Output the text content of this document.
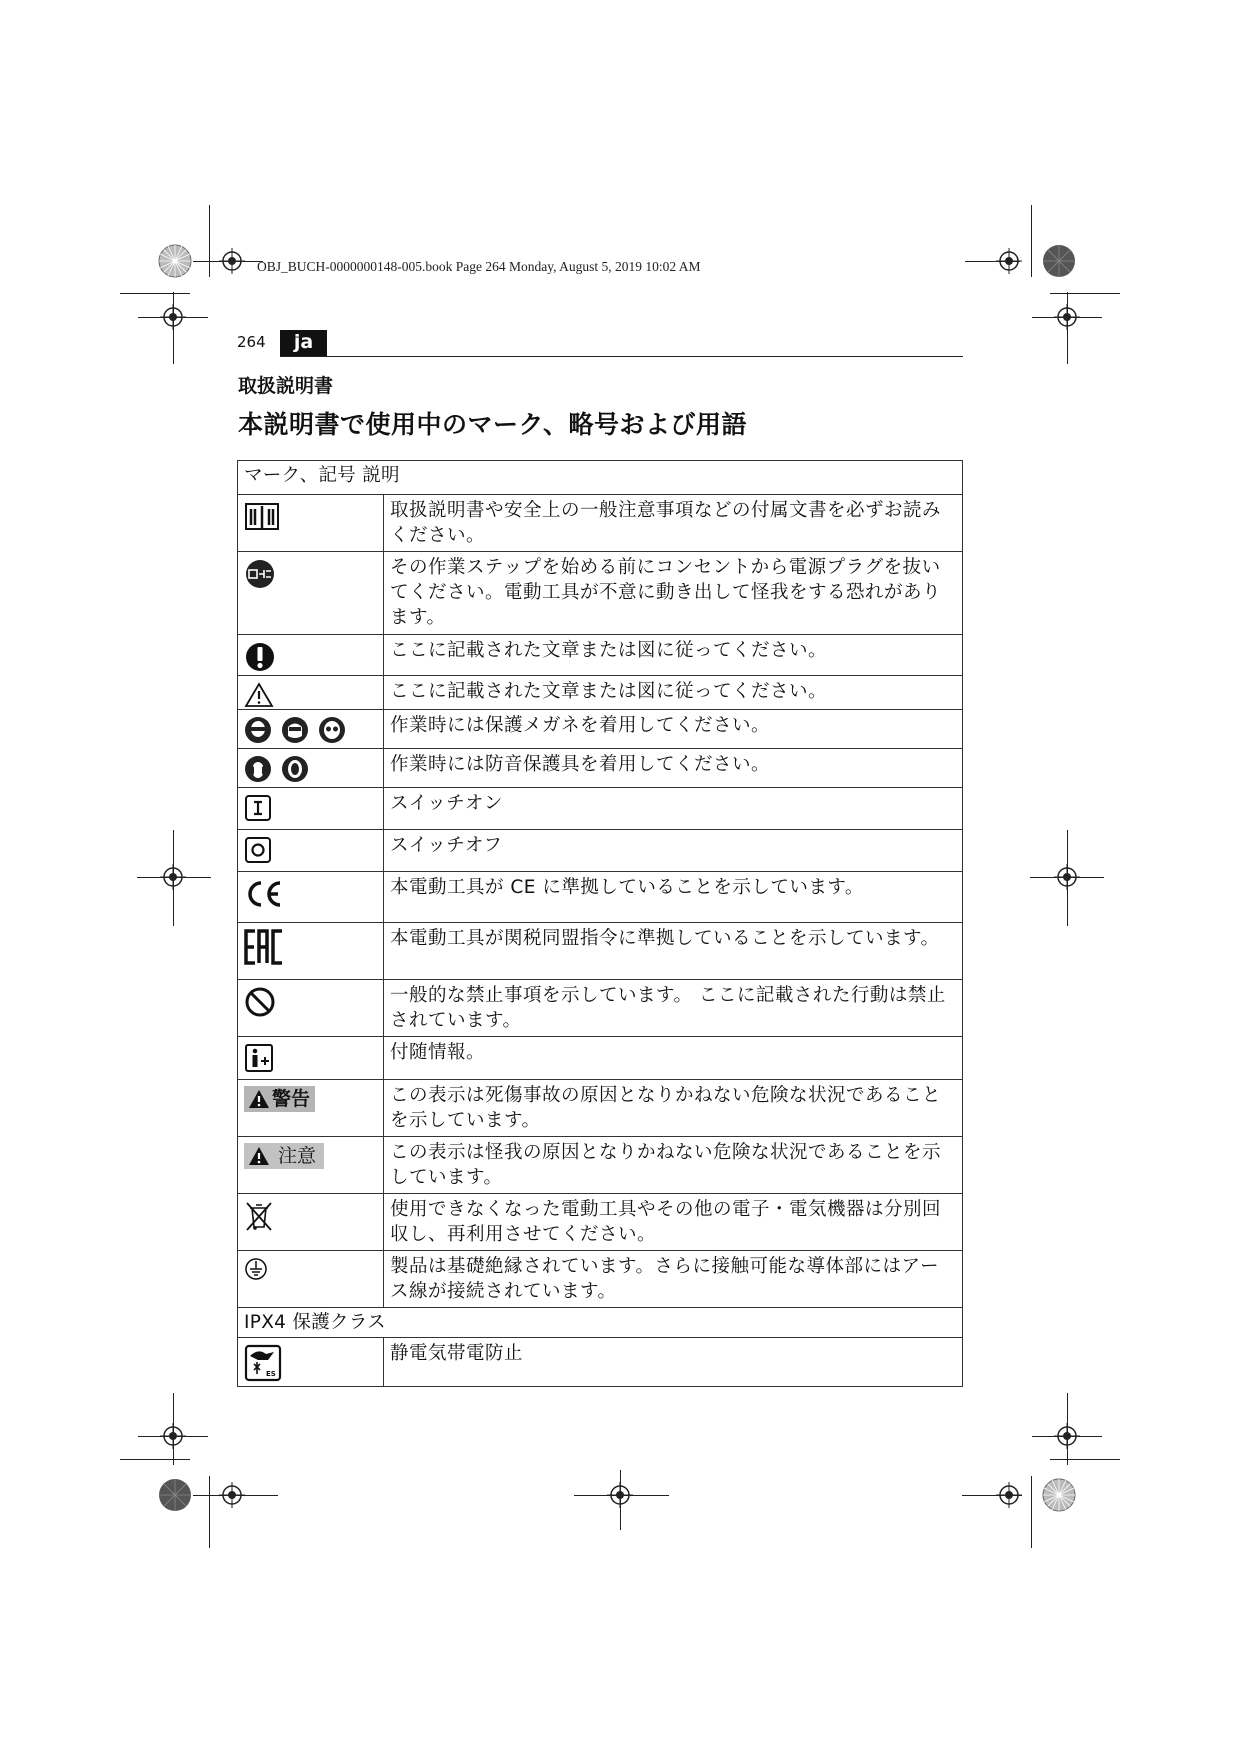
OBJ_BUCH-0000000148-005.book Page 264 Monday, August 5, 2019 10:02 AM
264	ja
取扱説明書
本説明書で使用中のマーク、略号および用語
マーク、記号 説明	
	取扱説明書や安全上の一般注意事項などの付属文書を必ずお読みください。
	その作業ステップを始める前にコンセントから電源プラグを抜いてください。電動工具が不意に動き出して怪我をする恐れがあります。
	ここに記載された文章または図に従ってください。
	ここに記載された文章または図に従ってください。
	作業時には保護メガネを着用してください。
	作業時には防音保護具を着用してください。
	スイッチオン
	スイッチオフ
	本電動工具が CE に準拠していることを示しています。
	本電動工具が関税同盟指令に準拠していることを示しています。
	一般的な禁止事項を示しています。 ここに記載された行動は禁止されています。
	付随情報。
警告	この表示は死傷事故の原因となりかねない危険な状況であることを示しています。
注意	この表示は怪我の原因となりかねない危険な状況であることを示しています。
	使用できなくなった電動工具やその他の電子・電気機器は分別回収し、再利用させてください。
	製品は基礎絶縁されています。さらに接触可能な導体部にはアース線が接続されています。
IPX4 保護クラス	

ES	静電気帯電防止
